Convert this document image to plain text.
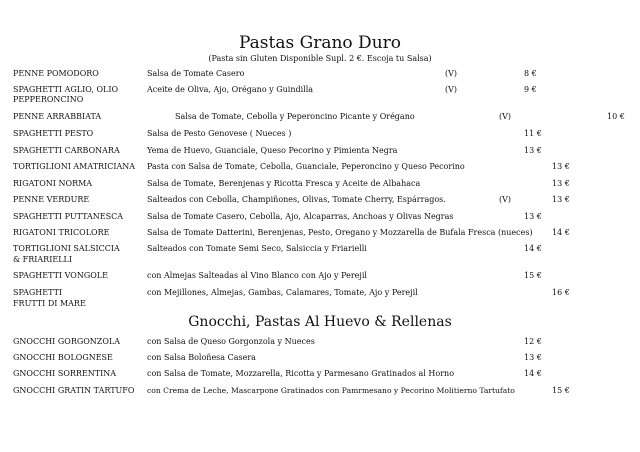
Pastas Grano Duro
(Pasta sin Gluten Disponible Supl. 2 €. Escoja tu Salsa)
PENNE POMODORO	Salsa de Tomate Casero	(V)	8 €
SPAGHETTI AGLIO, OLIO
PEPPERONCINO
Aceite de Oliva, Ajo, Orégano y Guindilla	(V)	9 €
PENNE ARRABBIATA	Salsa de Tomate, Cebolla y Peperoncino Picante y Orégano	(V)	10 €
SPAGHETTI PESTO	Salsa de Pesto Genovese ( Nueces )	11 €
SPAGHETTI CARBONARA	Yema de Huevo, Guanciale, Queso Pecorino y Pimienta Negra	13 €
TORTIGLIONI AMATRICIANA Pasta con Salsa de Tomate, Cebolla, Guanciale, Peperoncino y Queso Pecorino	13 €
RIGATONI NORMA	Salsa de Tomate, Berenjenas y Ricotta Fresca y Aceite de Albahaca	13 €
PENNE VERDURE	Salteados con Cebolla, Champiñones, Olivas, Tomate Cherry, Espárragos.	(V)	13 €
SPAGHETTI PUTTANESCA	Salsa de Tomate Casero, Cebolla, Ajo, Alcaparras, Anchoas y Olivas Negras	13 €
RIGATONI TRICOLORE	Salsa de Tomate Datterini, Berenjenas, Pesto, Oregano y Mozzarella de Bufala Fresca (nueces) 14 €
TORTIGLIONI SALSICCIA
& FRIARIELLI
Salteados con Tomate Semi Seco, Salsiccia y Friarielli	14 €
SPAGHETTI VONGOLE	con Almejas Salteadas al Vino Blanco con Ajo y Perejil	15 €
SPAGHETTI
FRUTTI DI MARE
con Mejillones, Almejas, Gambas, Calamares, Tomate, Ajo y Perejil	16 €
Gnocchi, Pastas Al Huevo & Rellenas
GNOCCHI GORGONZOLA	con Salsa de Queso Gorgonzola y Nueces	12 €
GNOCCHI BOLOGNESE	con Salsa Boloñesa Casera	13 €
GNOCCHI SORRENTINA	con Salsa de Tomate, Mozzarella, Ricotta y Parmesano Gratinados al Horno	14 €
GNOCCHI GRATIN TARTUFO con Crema de Leche, Mascarpone Gratinados con Pamrmesano y Pecorino Molitierno Tartufato	15 €
